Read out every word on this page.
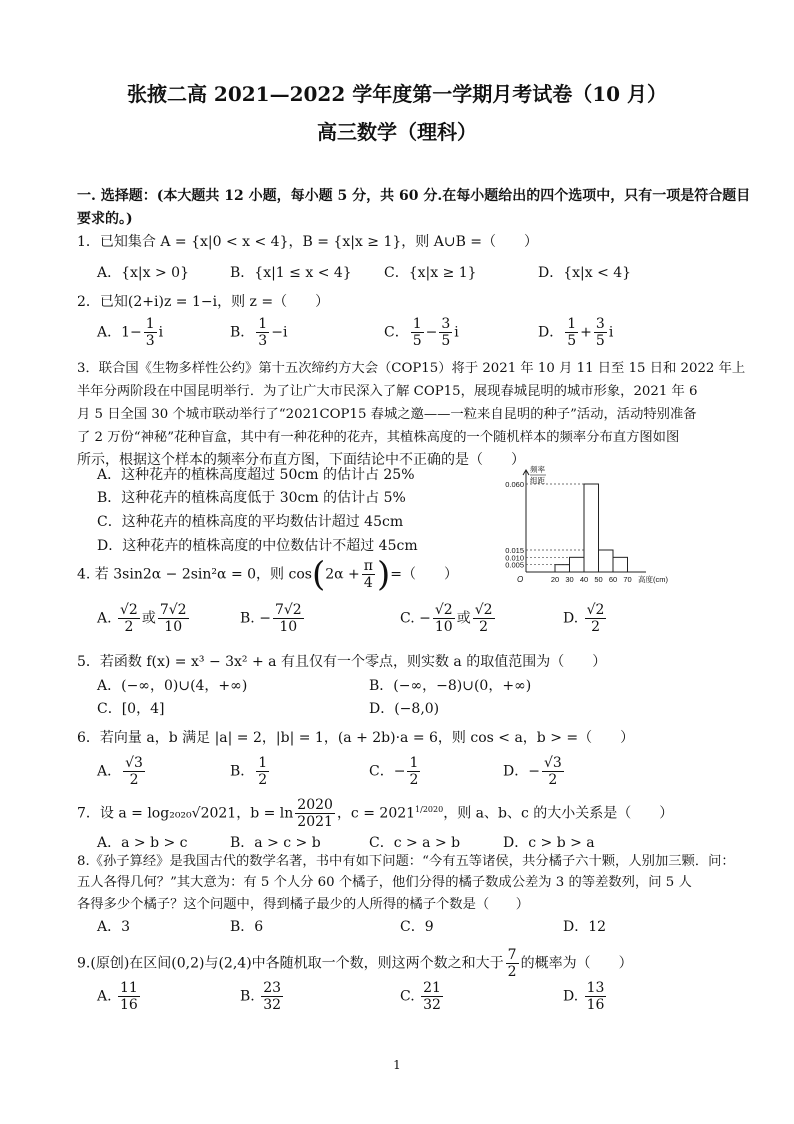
张掖二高 2021—2022 学年度第一学期月考试卷（10 月）
高三数学（理科）
一. 选择题：(本大题共 12 小题，每小题 5 分，共 60 分.在每小题给出的四个选项中，只有一项是符合题目
要求的。)
1．已知集合 A = {x|0 < x < 4}，B = {x|x ≥ 1}，则 A∪B =（　　）
A．{x|x > 0}	B．{x|1 ≤ x < 4} C．{x|x ≥ 1}	D．{x|x < 4}
2．已知(2+i)z = 1−i，则 z =（　　）
A．$1- \frac{1}{3}$ i	B． $\frac{1}{3} -i$	C． $\frac{1}{5} - \frac{3}{5}$ i	D． $\frac{1}{5} + \frac{3}{5}$ i
3．联合国《生物多样性公约》第十五次缔约方大会（COP15）将于 2021 年 10 月 11 日至 15 日和 2022 年上
半年分两阶段在中国昆明举行．为了让广大市民深入了解 COP15，展现春城昆明的城市形象，2021 年 6
月 5 日全国 30 个城市联动举行了“2021COP15 春城之邀——一粒来自昆明的种子”活动，活动特别准备
了 2 万份“神秘”花种盲盒，其中有一种花种的花卉，其植株高度的一个随机样本的频率分布直方图如图
所示，根据这个样本的频率分布直方图，下面结论中不正确的是（　　）
A．这种花卉的植株高度超过 50cm 的估计占 25%
B．这种花卉的植株高度低于 30cm 的估计占 5%
C．这种花卉的植株高度的平均数估计超过 45cm
D．这种花卉的植株高度的中位数估计不超过 45cm
0.060
0.015
0.010
0.005
20 30 40 50 60 70 高度(cm)
O
频率
组距
4. 若 3sin2α − 2sin²α = 0，则 $\cos(2\alpha + \frac{\pi}{4}$ )=（　　）
A. $\frac{√2}{2}$ 或 $\frac{7√2}{10}$	B. − $\frac{7√2}{10}$	C. − $\frac{√2}{10}$ 或 $\frac{√2}{2}$	D. $\frac{√2}{2}$
5．若函数 f(x) = x³ − 3x² + a 有且仅有一个零点，则实数 a 的取值范围为（　　）
A．(−∞，0)∪(4，+∞)	B．(−∞，−8)∪(0，+∞)
C．[0，4]	D．(−8,0)
6．若向量 a，b 满足 |a| = 2，|b| = 1，(a + 2b)·a = 6，则 cos < a，b > =（　　）
A． $\frac{√3}{2}$	B． $\frac{1}{2}$	C．− $\frac{1}{2}$	D．− $\frac{√3}{2}$
7．设 a = log₂₀₂₀√2021，$b = \ln \frac{2020}{2021}$ ，$c = 2021^{1/2020}$，则 a、b、c 的大小关系是（　　）
A．a > b > c	B．a > c > b	C．c > a > b	D．c > b > a
8.《孙子算经》是我国古代的数学名著，书中有如下问题：“今有五等诸侯，共分橘子六十颗，人别加三颗．问：
五人各得几何？”其大意为：有 5 个人分 60 个橘子，他们分得的橘子数成公差为 3 的等差数列，问 5 人
各得多少个橘子？这个问题中，得到橘子最少的人所得的橘子个数是（　　）
A．3	B．6	C．9	D．12
9.(原创)在区间(0,2)与(2,4)中各随机取一个数，则这两个数之和大于 $\frac{7}{2}$ 的概率为（　　）
A. $\frac{11}{16}$	B. $\frac{23}{32}$	C. $\frac{21}{32}$	D. $\frac{13}{16}$
1
